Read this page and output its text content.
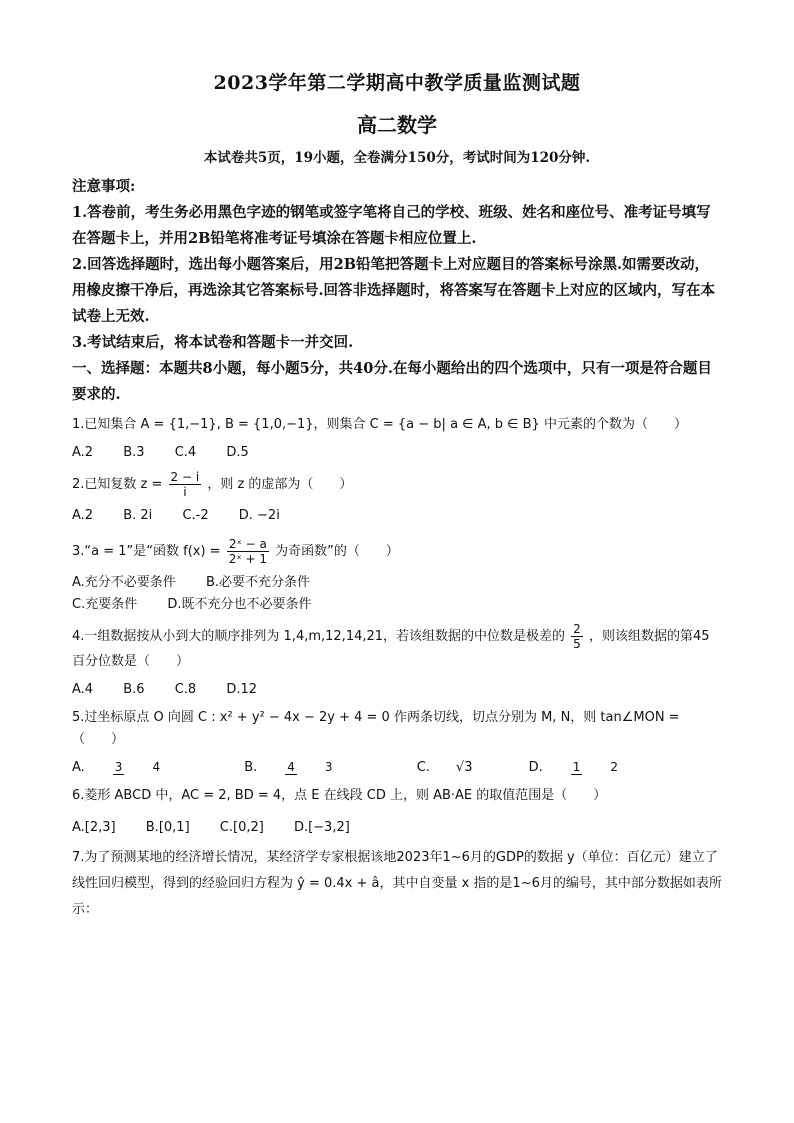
2023学年第二学期高中教学质量监测试题
高二数学
本试卷共5页，19小题，全卷满分150分，考试时间为120分钟.
注意事项:
1.答卷前，考生务必用黑色字迹的钢笔或签字笔将自己的学校、班级、姓名和座位号、准考证号填写在答题卡上，并用2B铅笔将准考证号填涂在答题卡相应位置上.
2.回答选择题时，选出每小题答案后，用2B铅笔把答题卡上对应题目的答案标号涂黑.如需要改动，用橡皮擦干净后，再选涂其它答案标号.回答非选择题时，将答案写在答题卡上对应的区域内，写在本试卷上无效.
3.考试结束后，将本试卷和答题卡一并交回.
一、选择题：本题共8小题，每小题5分，共40分.在每小题给出的四个选项中，只有一项是符合题目要求的.
1.已知集合 A = {1,−1}, B = {1,0,−1}，则集合 C = {a − b| a ∈ A, b ∈ B} 中元素的个数为（　　）
A.2 B.3 C.4 D.5
2.已知复数 $z = \frac{2 - i}{i}$ ，则 z 的虚部为（　　）
A.2 B. 2i C.-2 D. −2i
3.“a = 1”是“函数 $f(x) = \frac{\text{2ˣ − a}}{\text{2ˣ + 1}}$ 为奇函数”的（　　）
A.充分不必要条件 B.必要不充分条件
C.充要条件 D.既不充分也不必要条件
4.一组数据按从小到大的顺序排列为 1,4,m,12,14,21，若该组数据的中位数是极差的 $\frac{2}{5}$ ，则该组数据的第45百分位数是（　　）
A.4 B.6 C.8 D.12
5.过坐标原点 O 向圆 C : x² + y² − 4x − 2y + 4 = 0 作两条切线，切点分别为 M, N，则 tan∠MON =（　　）
A.	3	4	B.	4	3	C. √3	D.	1	2
6.菱形 ABCD 中，AC = 2, BD = 4，点 E 在线段 CD 上，则 AB·AE 的取值范围是（　　）
A.[2,3] B.[0,1] C.[0,2] D.[−3,2]
7.为了预测某地的经济增长情况，某经济学专家根据该地2023年1~6月的GDP的数据 y（单位：百亿元）建立了线性回归模型，得到的经验回归方程为 ŷ = 0.4x + â，其中自变量 x 指的是1~6月的编号，其中部分数据如表所示：
